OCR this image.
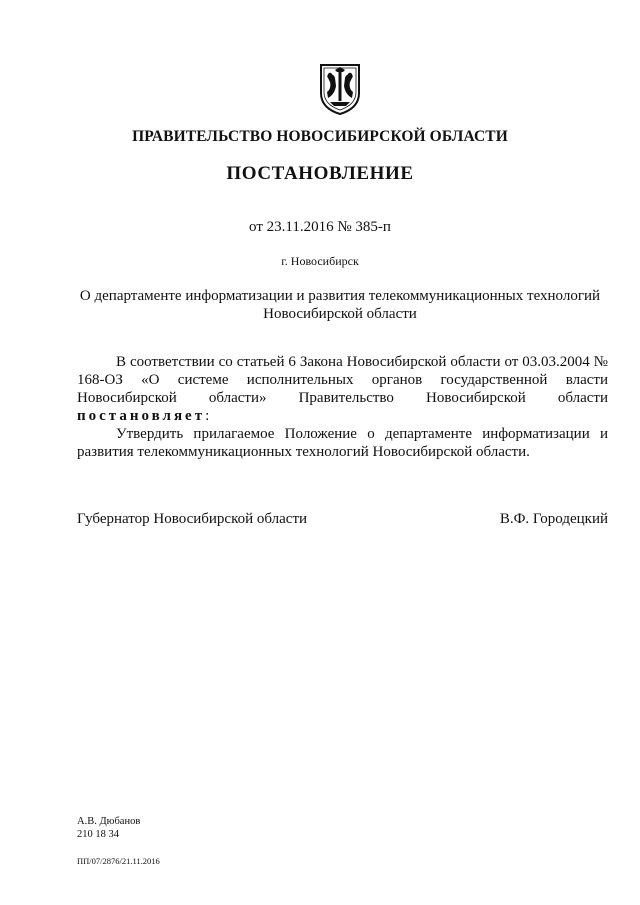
ПРАВИТЕЛЬСТВО НОВОСИБИРСКОЙ ОБЛАСТИ
ПОСТАНОВЛЕНИЕ
от 23.11.2016 № 385-п
г. Новосибирск
О департаменте информатизации и развития телекоммуникационных технологий
Новосибирской области

В соответствии со статьей 6 Закона Новосибирской области от 03.03.2004 № 168-ОЗ «О системе исполнительных органов государственной власти Новосибирской области» Правительство Новосибирской области постановляет:

Утвердить прилагаемое Положение о департаменте информатизации и развития телекоммуникационных технологий Новосибирской области.

Губернатор Новосибирской области	В.Ф. Городецкий
А.В. Дюбанов
210 18 34
ПП/07/2876/21.11.2016
